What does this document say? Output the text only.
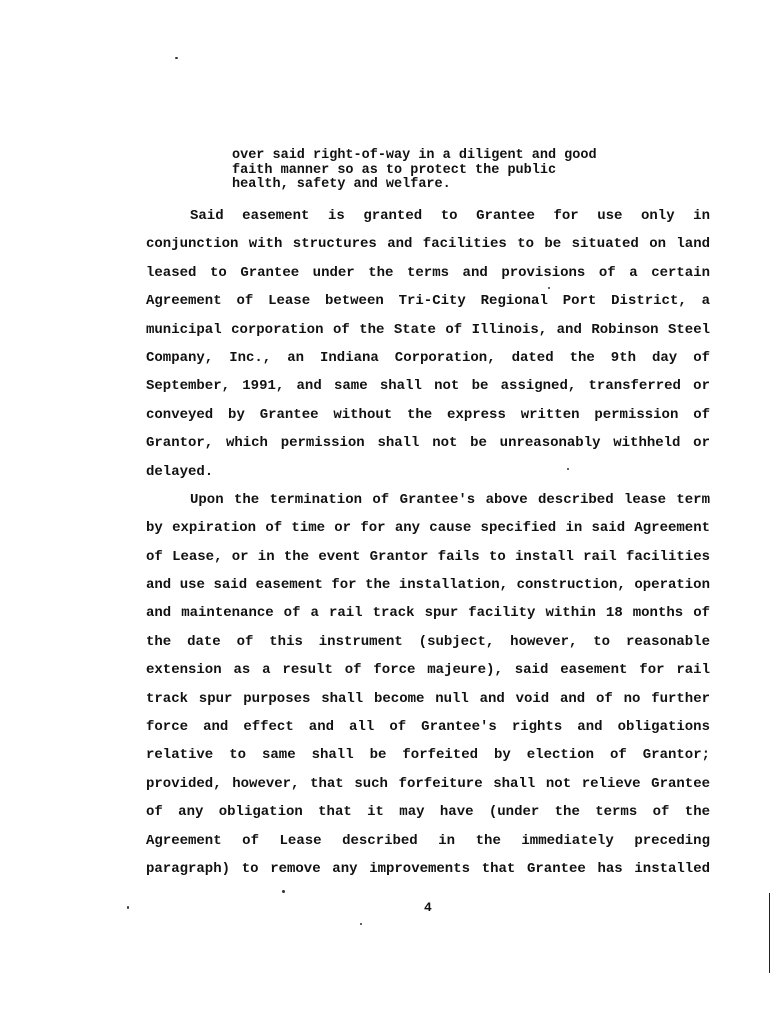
over said right-of-way in a diligent and good
faith manner so as to protect the public
health, safety and welfare.
Said easement is granted to Grantee for use only in
conjunction with structures and facilities to be situated on land
leased to Grantee under the terms and provisions of a certain
Agreement of Lease between Tri-City Regional Port District, a
municipal corporation of the State of Illinois, and Robinson Steel
Company, Inc., an Indiana Corporation, dated the 9th day of
September, 1991, and same shall not be assigned, transferred or
conveyed by Grantee without the express written permission of
Grantor, which permission shall not be unreasonably withheld or
delayed.
Upon the termination of Grantee's above described lease term
by expiration of time or for any cause specified in said Agreement
of Lease, or in the event Grantor fails to install rail facilities
and use said easement for the installation, construction, operation
and maintenance of a rail track spur facility within 18 months of
the date of this instrument (subject, however, to reasonable
extension as a result of force majeure), said easement for rail
track spur purposes shall become null and void and of no further
force and effect and all of Grantee's rights and obligations
relative to same shall be forfeited by election of Grantor;
provided, however, that such forfeiture shall not relieve Grantee
of any obligation that it may have (under the terms of the
Agreement of Lease described in the immediately preceding
paragraph) to remove any improvements that Grantee has installed
4
